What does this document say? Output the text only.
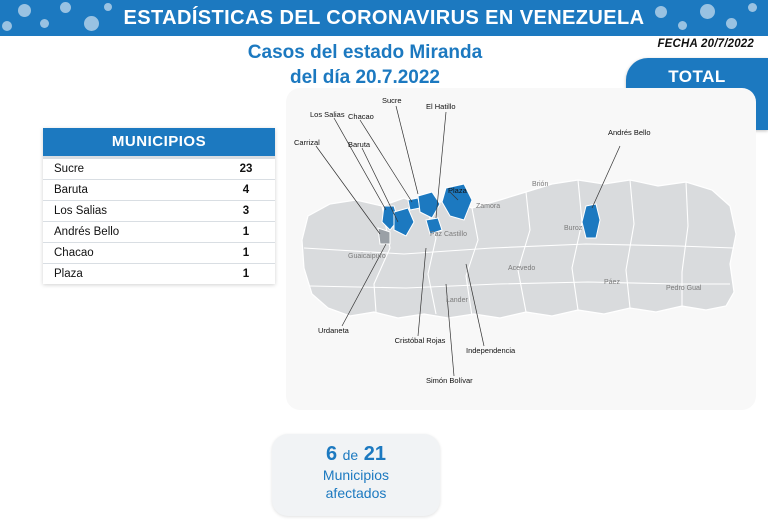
ESTADÍSTICAS DEL CORONAVIRUS EN VENEZUELA
Casos del estado Miranda
del día 20.7.2022
FECHA 20/7/2022
TOTAL
MUNICIPIOS
Sucre	23
Baruta	4
Los Salias	3
Andrés Bello	1
Chacao	1
Plaza	1
Brión
Zamora
Paz Castillo
Buroz
Acevedo
Páez
Pedro Gual
Lander
Guaicaipuro
Sucre
El Hatillo
Los Salias Chacao
Carrizal	Baruta
Plaza
Andrés Bello
Urdaneta
Cristóbal Rojas
Independencia
Simón Bolívar
6 de 21
Municipios
afectados
